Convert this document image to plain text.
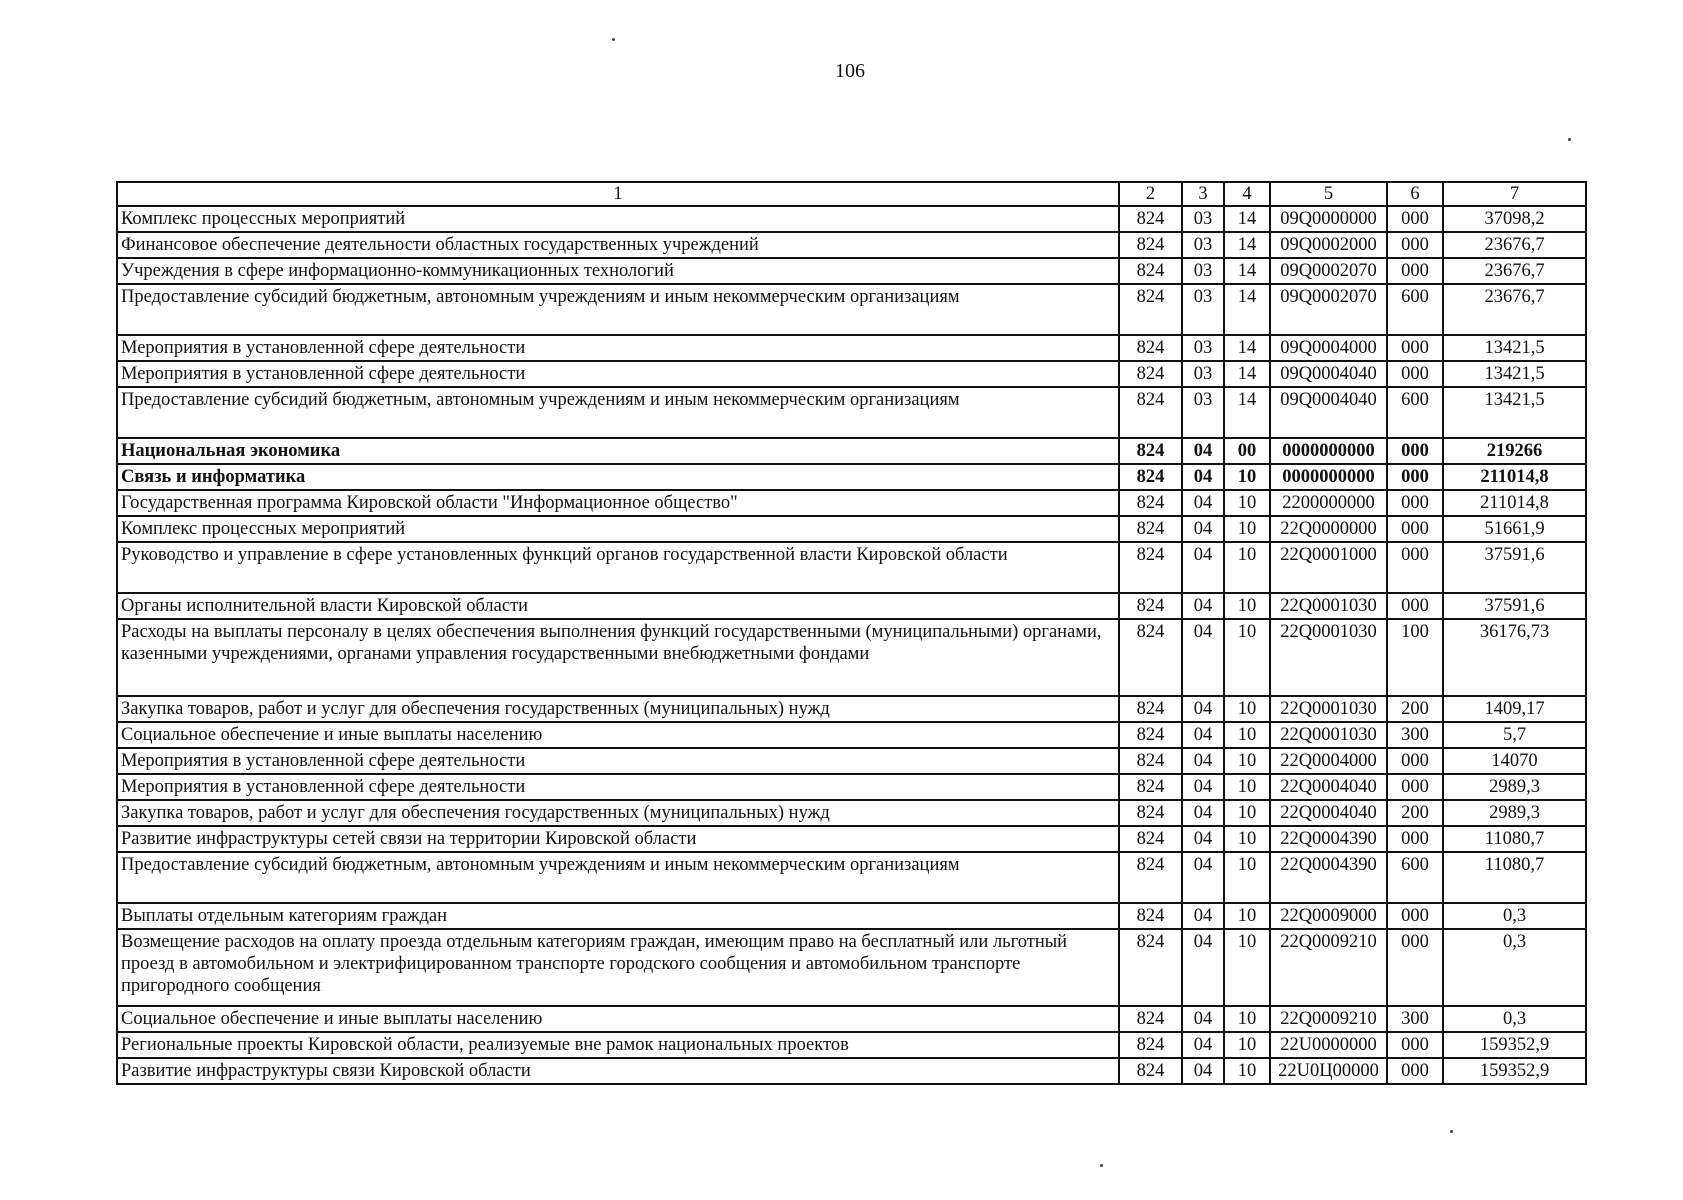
106
1	2	3	4	5	6	7
Комплекс процессных мероприятий	824	03	14	09Q0000000	000	37098,2
Финансовое обеспечение деятельности областных государственных учреждений	824	03	14	09Q0002000	000	23676,7
Учреждения в сфере информационно-коммуникационных технологий	824	03	14	09Q0002070	000	23676,7
Предоставление субсидий бюджетным, автономным учреждениям и иным некоммерческим организациям	824	03	14	09Q0002070	600	23676,7
Мероприятия в установленной сфере деятельности	824	03	14	09Q0004000	000	13421,5
Мероприятия в установленной сфере деятельности	824	03	14	09Q0004040	000	13421,5
Предоставление субсидий бюджетным, автономным учреждениям и иным некоммерческим организациям	824	03	14	09Q0004040	600	13421,5
Национальная экономика	824	04	00	0000000000	000	219266
Связь и информатика	824	04	10	0000000000	000	211014,8
Государственная программа Кировской области "Информационное общество"	824	04	10	2200000000	000	211014,8
Комплекс процессных мероприятий	824	04	10	22Q0000000	000	51661,9
Руководство и управление в сфере установленных функций органов государственной власти Кировской области	824	04	10	22Q0001000	000	37591,6
Органы исполнительной власти Кировской области	824	04	10	22Q0001030	000	37591,6
Расходы на выплаты персоналу в целях обеспечения выполнения функций государственными (муниципальными) органами, казенными учреждениями, органами управления государственными внебюджетными фондами	824	04	10	22Q0001030	100	36176,73
Закупка товаров, работ и услуг для обеспечения государственных (муниципальных) нужд	824	04	10	22Q0001030	200	1409,17
Социальное обеспечение и иные выплаты населению	824	04	10	22Q0001030	300	5,7
Мероприятия в установленной сфере деятельности	824	04	10	22Q0004000	000	14070
Мероприятия в установленной сфере деятельности	824	04	10	22Q0004040	000	2989,3
Закупка товаров, работ и услуг для обеспечения государственных (муниципальных) нужд	824	04	10	22Q0004040	200	2989,3
Развитие инфраструктуры сетей связи на территории Кировской области	824	04	10	22Q0004390	000	11080,7
Предоставление субсидий бюджетным, автономным учреждениям и иным некоммерческим организациям	824	04	10	22Q0004390	600	11080,7
Выплаты отдельным категориям граждан	824	04	10	22Q0009000	000	0,3
Возмещение расходов на оплату проезда отдельным категориям граждан, имеющим право на бесплатный или льготный проезд в автомобильном и электрифицированном транспорте городского сообщения и автомобильном транспорте пригородного сообщения	824	04	10	22Q0009210	000	0,3
Социальное обеспечение и иные выплаты населению	824	04	10	22Q0009210	300	0,3
Региональные проекты Кировской области, реализуемые вне рамок национальных проектов	824	04	10	22U0000000	000	159352,9
Развитие инфраструктуры связи Кировской области	824	04	10	22U0Ц00000	000	159352,9
